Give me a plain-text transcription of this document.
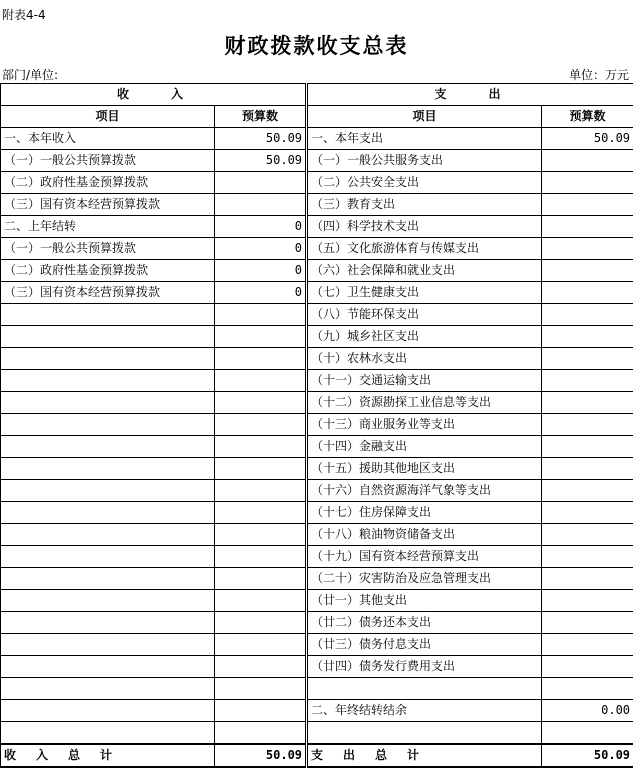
附表4-4
财政拨款收支总表
部门/单位:	单位：万元
收　　入		支　　出	
项目	预算数	项目	预算数
一、本年收入	50.09	一、本年支出	50.09
（一）一般公共预算拨款	50.09	（一）一般公共服务支出	
（二）政府性基金预算拨款		（二）公共安全支出	
（三）国有资本经营预算拨款		（三）教育支出	
二、上年结转	0	（四）科学技术支出	
（一）一般公共预算拨款	0	（五）文化旅游体育与传媒支出	
（二）政府性基金预算拨款	0	（六）社会保障和就业支出	
（三）国有资本经营预算拨款	0	（七）卫生健康支出	
		（八）节能环保支出	
		（九）城乡社区支出	
		（十）农林水支出	
		（十一）交通运输支出	
		（十二）资源勘探工业信息等支出	
		（十三）商业服务业等支出	
		（十四）金融支出	
		（十五）援助其他地区支出	
		（十六）自然资源海洋气象等支出	
		（十七）住房保障支出	
		（十八）粮油物资储备支出	
		（十九）国有资本经营预算支出	
		（二十）灾害防治及应急管理支出	
		（廿一）其他支出	
		（廿二）债务还本支出	
		（廿三）债务付息支出	
		（廿四）债务发行费用支出	

		二、年终结转结余	0.00

收入总计	50.09	支出总计	50.09
